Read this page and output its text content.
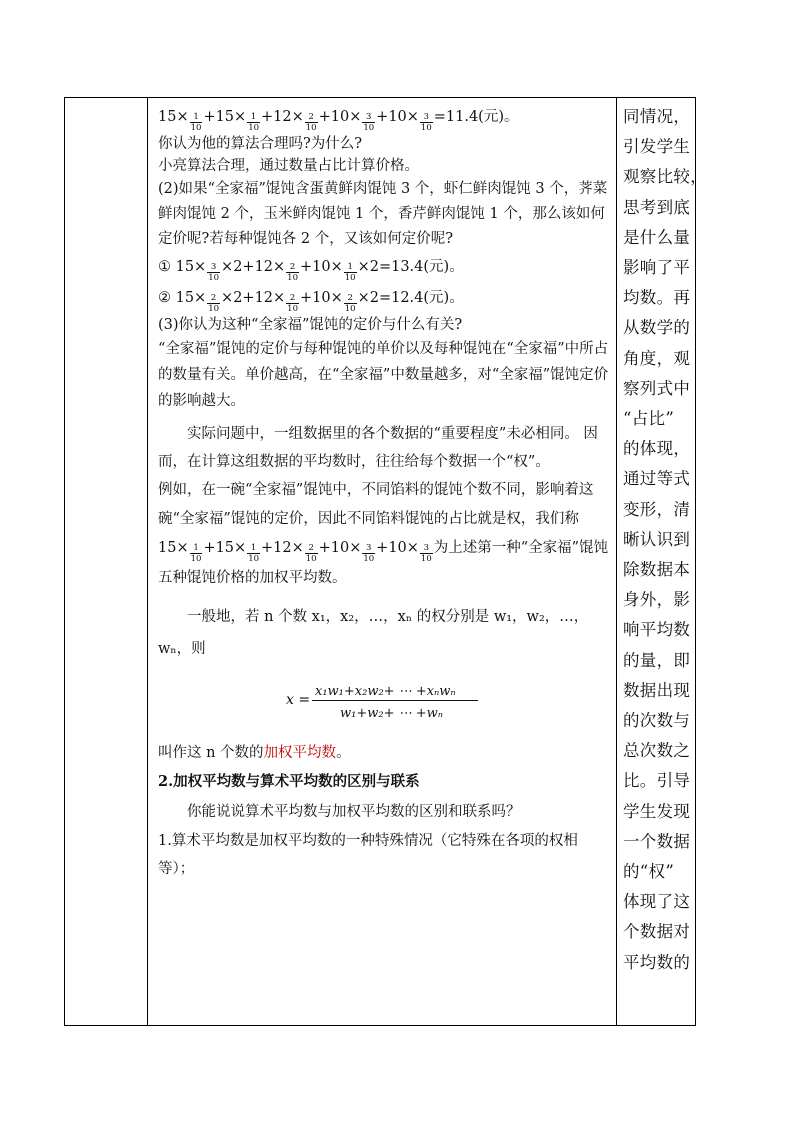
$15\times \frac{1}{10} +15\times \frac{1}{10} +12\times \frac{2}{10} +10\times \frac{3}{10} +10\times \frac{3}{10} =11.4$(元)。

你认为他的算法合理吗?为什么?

小亮算法合理，通过数量占比计算价格。

(2)如果“全家福”馄饨含蛋黄鲜肉馄饨 3 个，虾仁鲜肉馄饨 3 个，荠菜鲜肉馄饨 2 个，玉米鲜肉馄饨 1 个，香芹鲜肉馄饨 1 个，那么该如何定价呢?若每种馄饨各 2 个，又该如何定价呢?

① $15\times \frac{3}{10} \times 2+12\times \frac{2}{10} +10\times \frac{1}{10} \times 2=13.4$(元)。

② $15\times \frac{2}{10} \times 2+12\times \frac{2}{10} +10\times \frac{2}{10} \times 2=12.4$(元)。

(3)你认为这种“全家福”馄饨的定价与什么有关?

“全家福”馄饨的定价与每种馄饨的单价以及每种馄饨在“全家福”中所占的数量有关。单价越高，在“全家福”中数量越多，对“全家福”馄饨定价的影响越大。

实际问题中，一组数据里的各个数据的“重要程度”未必相同。 因而，在计算这组数据的平均数时，往往给每个数据一个“权”。

例如，在一碗“全家福”馄饨中，不同馅料的馄饨个数不同，影响着这碗“全家福”馄饨的定价，因此不同馅料馄饨的占比就是权，我们称 $15\times \frac{1}{10} +15\times \frac{1}{10} +12\times \frac{2}{10} +10\times \frac{3}{10} +10\times \frac{3}{10}$ 为上述第一种“全家福”馄饨五种馄饨价格的加权平均数。

一般地，若 n 个数 x₁，x₂，…，xₙ 的权分别是 w₁，w₂，…，wₙ，则

x =
x₁w₁+x₂w₂+ ⋯ +xₙwₙ
w₁+w₂+ ⋯ +wₙ

叫作这 n 个数的加权平均数。

2.加权平均数与算术平均数的区别与联系

你能说说算术平均数与加权平均数的区别和联系吗？

1.算术平均数是加权平均数的一种特殊情况（它特殊在各项的权相等）；

同情况，
引发学生
观察比较，
思考到底
是什么量
影响了平
均数。再
从数学的
角度，观
察列式中
“占比”
的体现，
通过等式
变形，清
晰认识到
除数据本
身外，影
响平均数
的量，即
数据出现
的次数与
总次数之
比。引导
学生发现
一个数据
的“权”
体现了这
个数据对
平均数的
